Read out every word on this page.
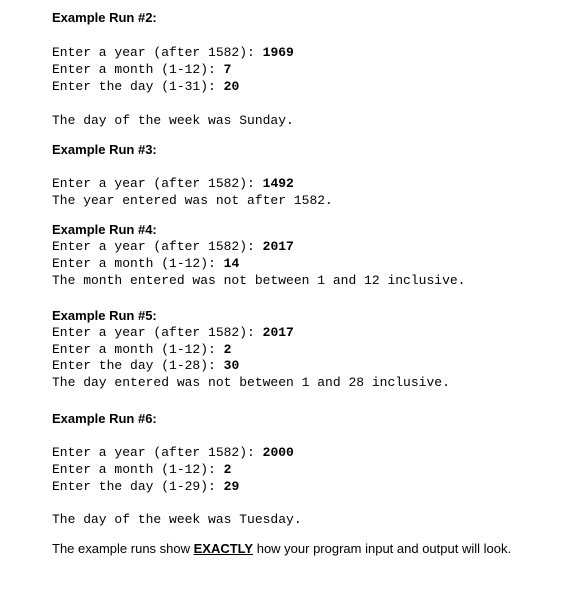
Example Run #2:
Enter a year (after 1582): 1969
Enter a month (1-12): 7
Enter the day (1-31): 20
The day of the week was Sunday.
Example Run #3:
Enter a year (after 1582): 1492
The year entered was not after 1582.
Example Run #4:
Enter a year (after 1582): 2017
Enter a month (1-12): 14
The month entered was not between 1 and 12 inclusive.
Example Run #5:
Enter a year (after 1582): 2017
Enter a month (1-12): 2
Enter the day (1-28): 30
The day entered was not between 1 and 28 inclusive.
Example Run #6:
Enter a year (after 1582): 2000
Enter a month (1-12): 2
Enter the day (1-29): 29
The day of the week was Tuesday.
The example runs show EXACTLY how your program input and output will look.
